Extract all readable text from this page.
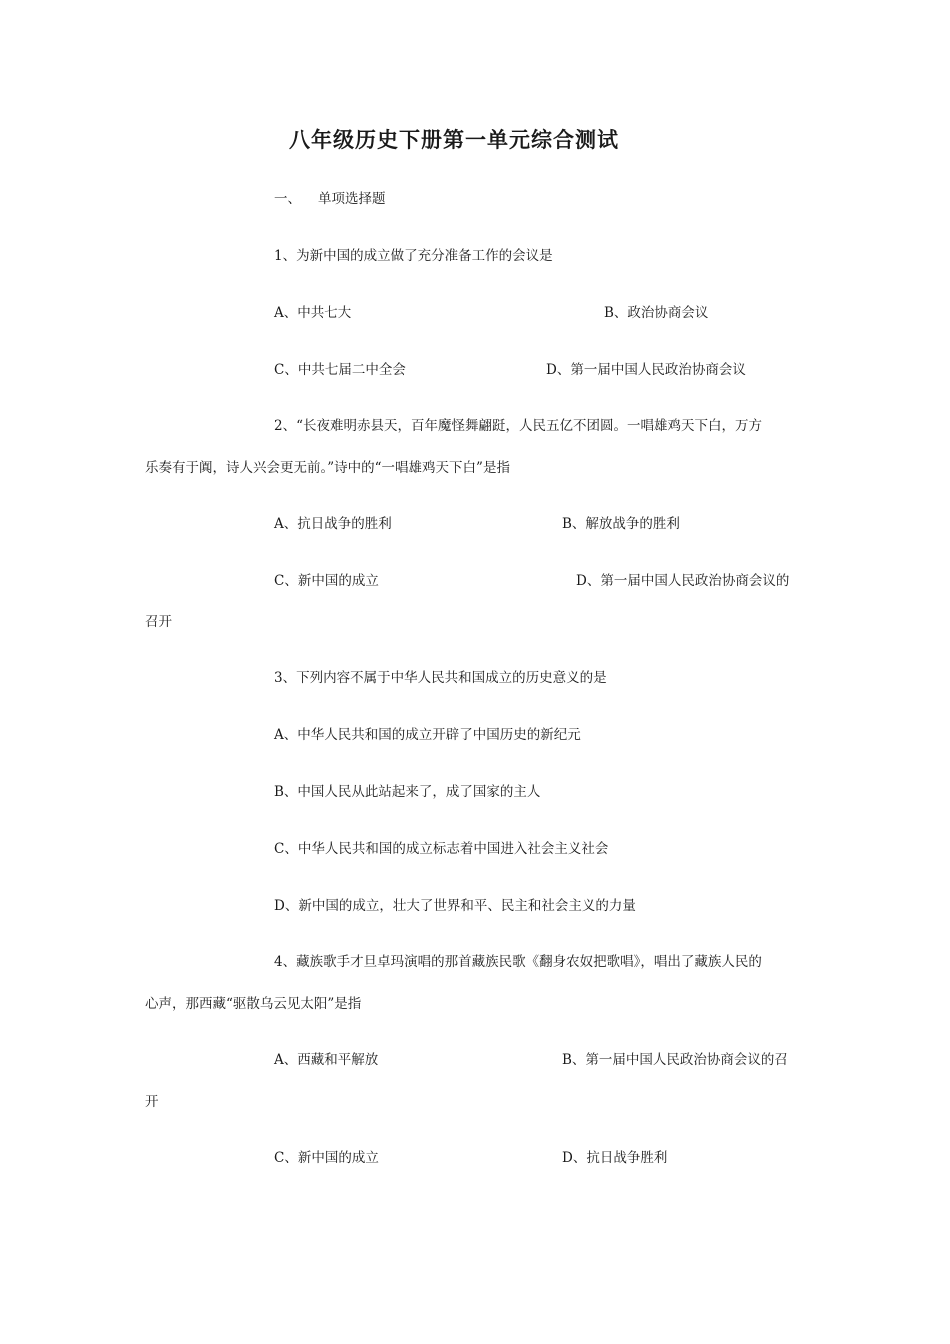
八年级历史下册第一单元综合测试
一、 单项选择题
1、为新中国的成立做了充分准备工作的会议是
A、中共七大	B、政治协商会议
C、中共七届二中全会	D、第一届中国人民政治协商会议
2、“长夜难明赤县天，百年魔怪舞翩跹，人民五亿不团圆。一唱雄鸡天下白，万方
乐奏有于阗，诗人兴会更无前。”诗中的“一唱雄鸡天下白”是指
A、抗日战争的胜利	B、解放战争的胜利
C、新中国的成立	D、第一届中国人民政治协商会议的
召开
3、下列内容不属于中华人民共和国成立的历史意义的是
A、中华人民共和国的成立开辟了中国历史的新纪元
B、中国人民从此站起来了，成了国家的主人
C、中华人民共和国的成立标志着中国进入社会主义社会
D、新中国的成立，壮大了世界和平、民主和社会主义的力量
4、藏族歌手才旦卓玛演唱的那首藏族民歌《翻身农奴把歌唱》，唱出了藏族人民的
心声，那西藏“驱散乌云见太阳”是指
A、西藏和平解放	B、第一届中国人民政治协商会议的召
开
C、新中国的成立	D、抗日战争胜利
